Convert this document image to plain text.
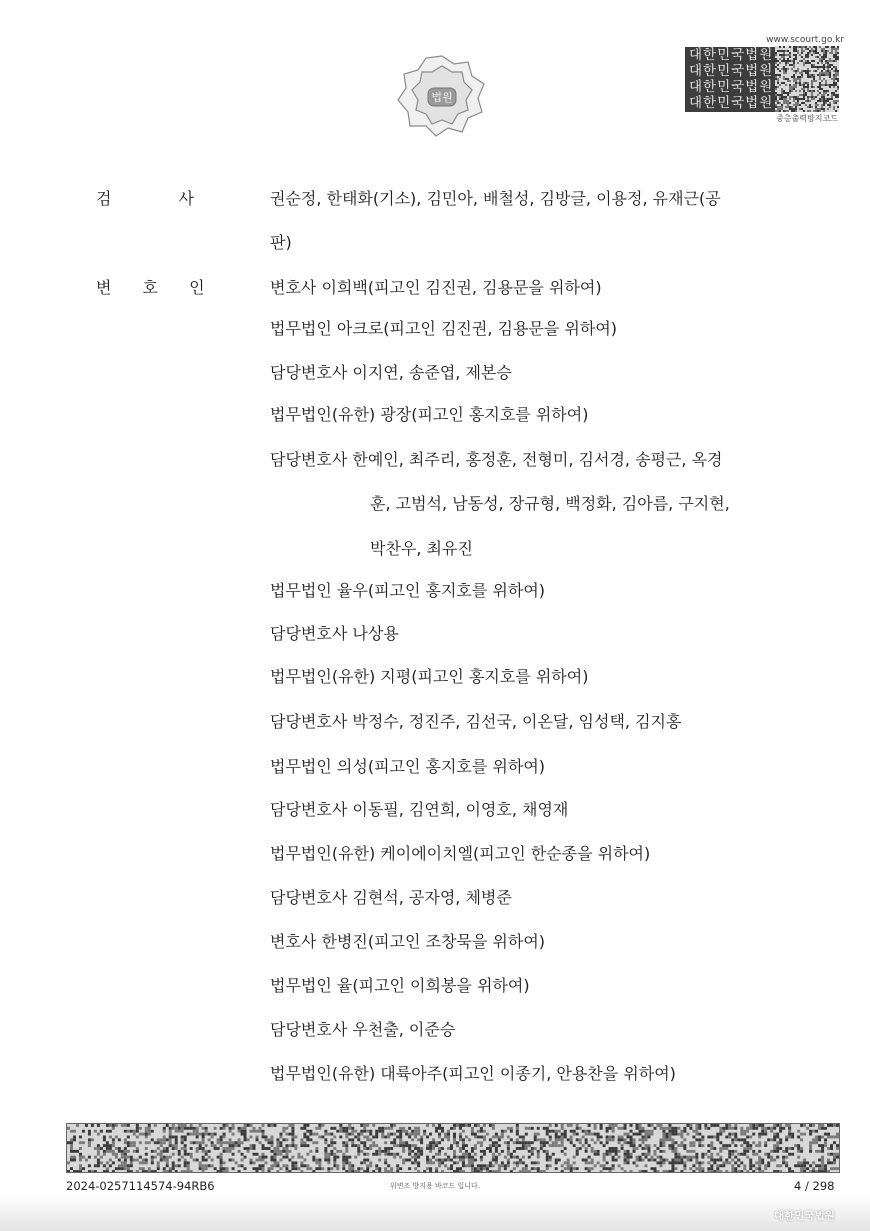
법원
www.scourt.go.kr
대한민국법원
대한민국법원
대한민국법원
대한민국법원
중층출력방지코드
검 사	권순정, 한태화(기소), 김민아, 배철성, 김방글, 이용정, 유재근(공
판)
변 호 인	변호사 이희백(피고인 김진권, 김용문을 위하여)
법무법인 아크로(피고인 김진권, 김용문을 위하여)
담당변호사 이지연, 송준엽, 제본승
법무법인(유한) 광장(피고인 홍지호를 위하여)
담당변호사 한예인, 최주리, 홍정훈, 전형미, 김서경, 송평근, 옥경
훈, 고범석, 남동성, 장규형, 백정화, 김아름, 구지현,
박찬우, 최유진
법무법인 율우(피고인 홍지호를 위하여)
담당변호사 나상용
법무법인(유한) 지평(피고인 홍지호를 위하여)
담당변호사 박정수, 정진주, 김선국, 이온달, 임성택, 김지홍
법무법인 의성(피고인 홍지호를 위하여)
담당변호사 이동필, 김연희, 이영호, 채영재
법무법인(유한) 케이에이치엘(피고인 한순종을 위하여)
담당변호사 김현석, 공자영, 체병준
변호사 한병진(피고인 조창묵을 위하여)
법무법인 율(피고인 이희봉을 위하여)
담당변호사 우천출, 이준승
법무법인(유한) 대륙아주(피고인 이종기, 안용찬을 위하여)
2024-0257114574-94RB6	위변조 방지용 바코드 입니다.	4 / 298
대한민국법원
